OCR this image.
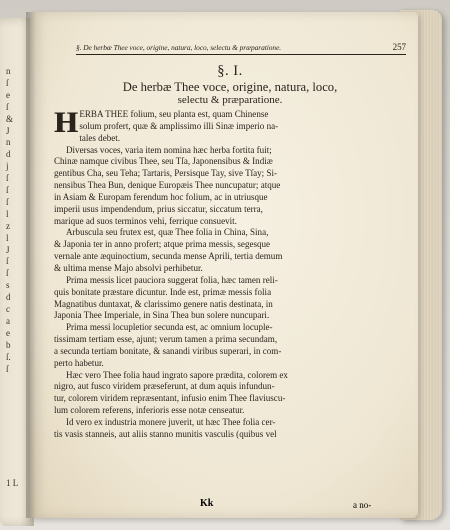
n
ſ
e
ſ
&
J
n
d
j
ſ
ſ
ſ
l
z
l
J
ſ
ſ
s
d
c
a
e
b
ſ.
ſ
1 L
§. De herbæ Thee voce, origine, natura, loco, selectu & præparatione.	257
§. I.
De herbæ Thee voce, origine, natura, loco,
selectu & præparatione.
H ERBA THEE folium, seu planta est, quam Chinense
solum profert, quæ & amplissimo illi Sinæ imperio na-
tales debet.
Diversas voces, varia item nomina hæc herba fortita fuit;
Chinæ namque civibus Thee, seu Tſa, Japonensibus & Indiæ
gentibus Cha, seu Teha; Tartaris, Persisque Tay, sive Tſay; Si-
nensibus Thea Bun, denique Europæis Thee nuncupatur; atque
in Asiam & Europam ferendum hoc folium, ac in utriusque
imperii usus impendendum, prius siccatur, siccatum terra,
marique ad suos terminos vehi, ferrique consuevit.
Arbuscula seu frutex est, quæ Thee folia in China, Sina,
& Japonia ter in anno profert; atque prima messis, segesque
vernale ante æquinoctium, secunda mense Aprili, tertia demum
& ultima mense Majo absolvi perhibetur.
Prima messis licet pauciora suggerat folia, hæc tamen reli-
quis bonitate præstare dicuntur. Inde est, primæ messis folia
Magnatibus duntaxat, & clarissimo genere natis destinata, in
Japonia Thee Imperiale, in Sina Thea bun solere nuncupari.
Prima messi locupletior secunda est, ac omnium locuple-
tissimam tertiam esse, ajunt; verum tamen a prima secundam,
a secunda tertiam bonitate, & sanandi viribus superari, in com-
perto habetur.
Hæc vero Thee folia haud ingrato sapore prædita, colorem ex
nigro, aut fusco viridem præseferunt, at dum aquis infundun-
tur, colorem viridem repræsentant, infusio enim Thee flaviuscu-
lum colorem referens, inferioris esse notæ censeatur.
Id vero ex industria monere juverit, ut hæc Thee folia cer-
tis vasis stanneis, aut aliis stanno munitis vasculis (quibus vel
Kk	a no-
